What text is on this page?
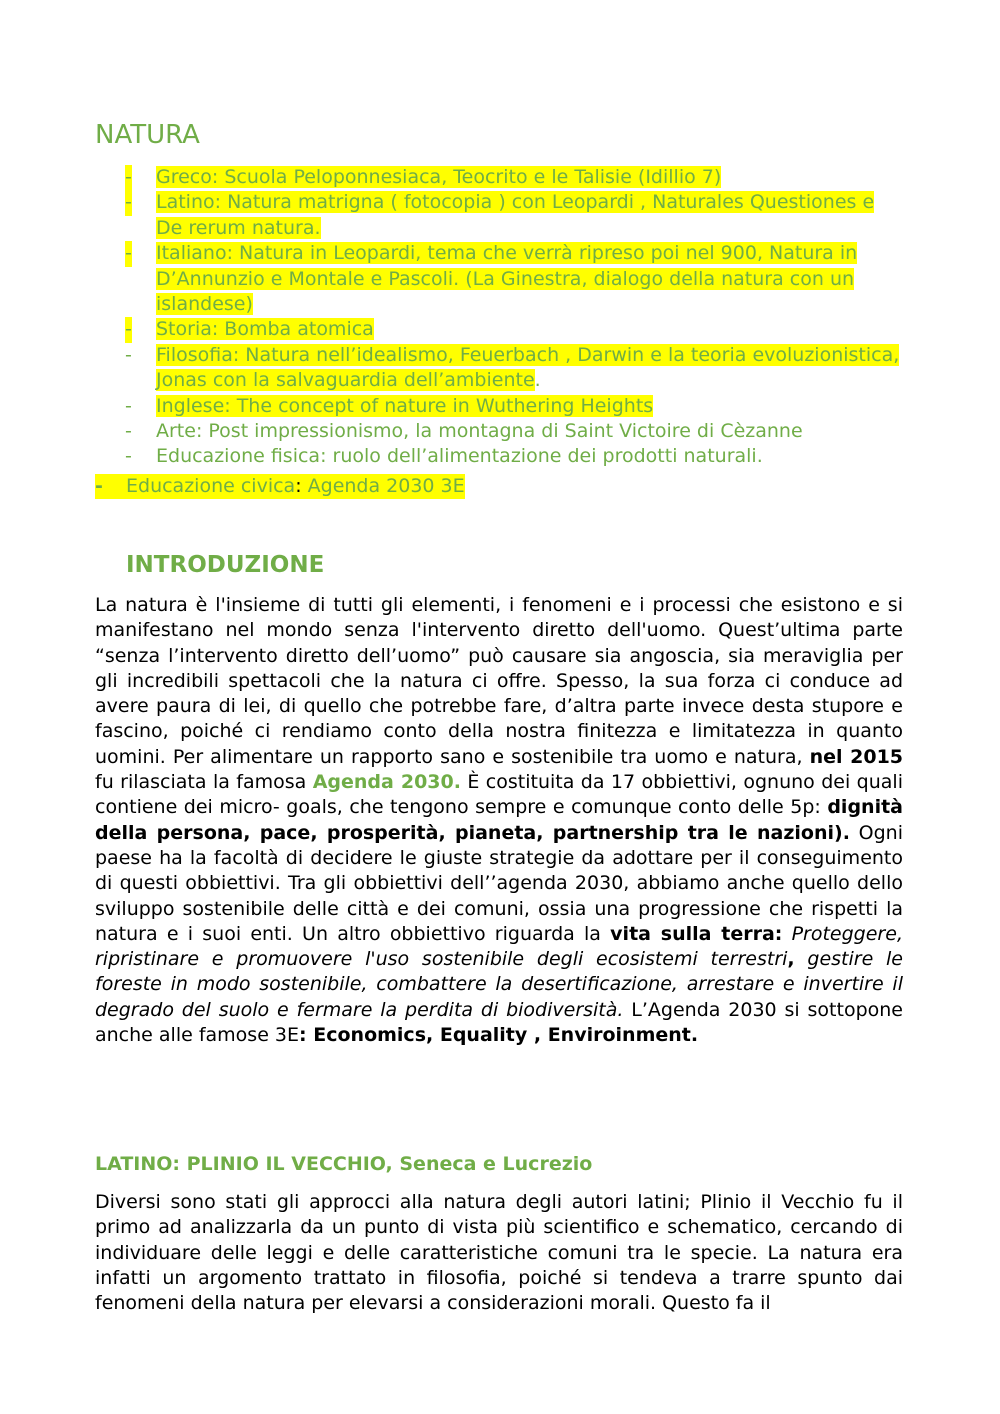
NATURA
- Greco: Scuola Peloponnesiaca, Teocrito e le Talisie (Idillio 7)
- Latino: Natura matrigna ( fotocopia ) con Leopardi , Naturales Questiones e De rerum natura.
- Italiano: Natura in Leopardi, tema che verrà ripreso poi nel 900, Natura in D’Annunzio e Montale e Pascoli. (La Ginestra, dialogo della natura con un islandese)
- Storia: Bomba atomica
- Filosofia: Natura nell’idealismo, Feuerbach , Darwin e la teoria evoluzionistica, Jonas con la salvaguardia dell’ambiente.
- Inglese: The concept of nature in Wuthering Heights
- Arte: Post impressionismo, la montagna di Saint Victoire di Cèzanne
- Educazione fisica: ruolo dell’alimentazione dei prodotti naturali.
- Educazione civica: Agenda 2030 3E
INTRODUZIONE
La natura è l'insieme di tutti gli elementi, i fenomeni e i processi che esistono e si manifestano nel mondo senza l'intervento diretto dell'uomo. Quest’ultima parte “senza l’intervento diretto dell’uomo” può causare sia angoscia, sia meraviglia per gli incredibili spettacoli che la natura ci offre. Spesso, la sua forza ci conduce ad avere paura di lei, di quello che potrebbe fare, d’altra parte invece desta stupore e fascino, poiché ci rendiamo conto della nostra finitezza e limitatezza in quanto uomini. Per alimentare un rapporto sano e sostenibile tra uomo e natura, nel 2015 fu rilasciata la famosa Agenda 2030. È costituita da 17 obbiettivi, ognuno dei quali contiene dei micro- goals, che tengono sempre e comunque conto delle 5p: dignità della persona, pace, prosperità, pianeta, partnership tra le nazioni). Ogni paese ha la facoltà di decidere le giuste strategie da adottare per il conseguimento di questi obbiettivi. Tra gli obbiettivi dell’’agenda 2030, abbiamo anche quello dello sviluppo sostenibile delle città e dei comuni, ossia una progressione che rispetti la natura e i suoi enti. Un altro obbiettivo riguarda la vita sulla terra: Proteggere, ripristinare e promuovere l'uso sostenibile degli ecosistemi terrestri, gestire le foreste in modo sostenibile, combattere la desertificazione, arrestare e invertire il degrado del suolo e fermare la perdita di biodiversità. L’Agenda 2030 si sottopone anche alle famose 3E: Economics, Equality , Enviroinment.
LATINO: PLINIO IL VECCHIO, Seneca e Lucrezio
Diversi sono stati gli approcci alla natura degli autori latini; Plinio il Vecchio fu il primo ad analizzarla da un punto di vista più scientifico e schematico, cercando di individuare delle leggi e delle caratteristiche comuni tra le specie. La natura era infatti un argomento trattato in filosofia, poiché si tendeva a trarre spunto dai fenomeni della natura per elevarsi a considerazioni morali. Questo fa il
